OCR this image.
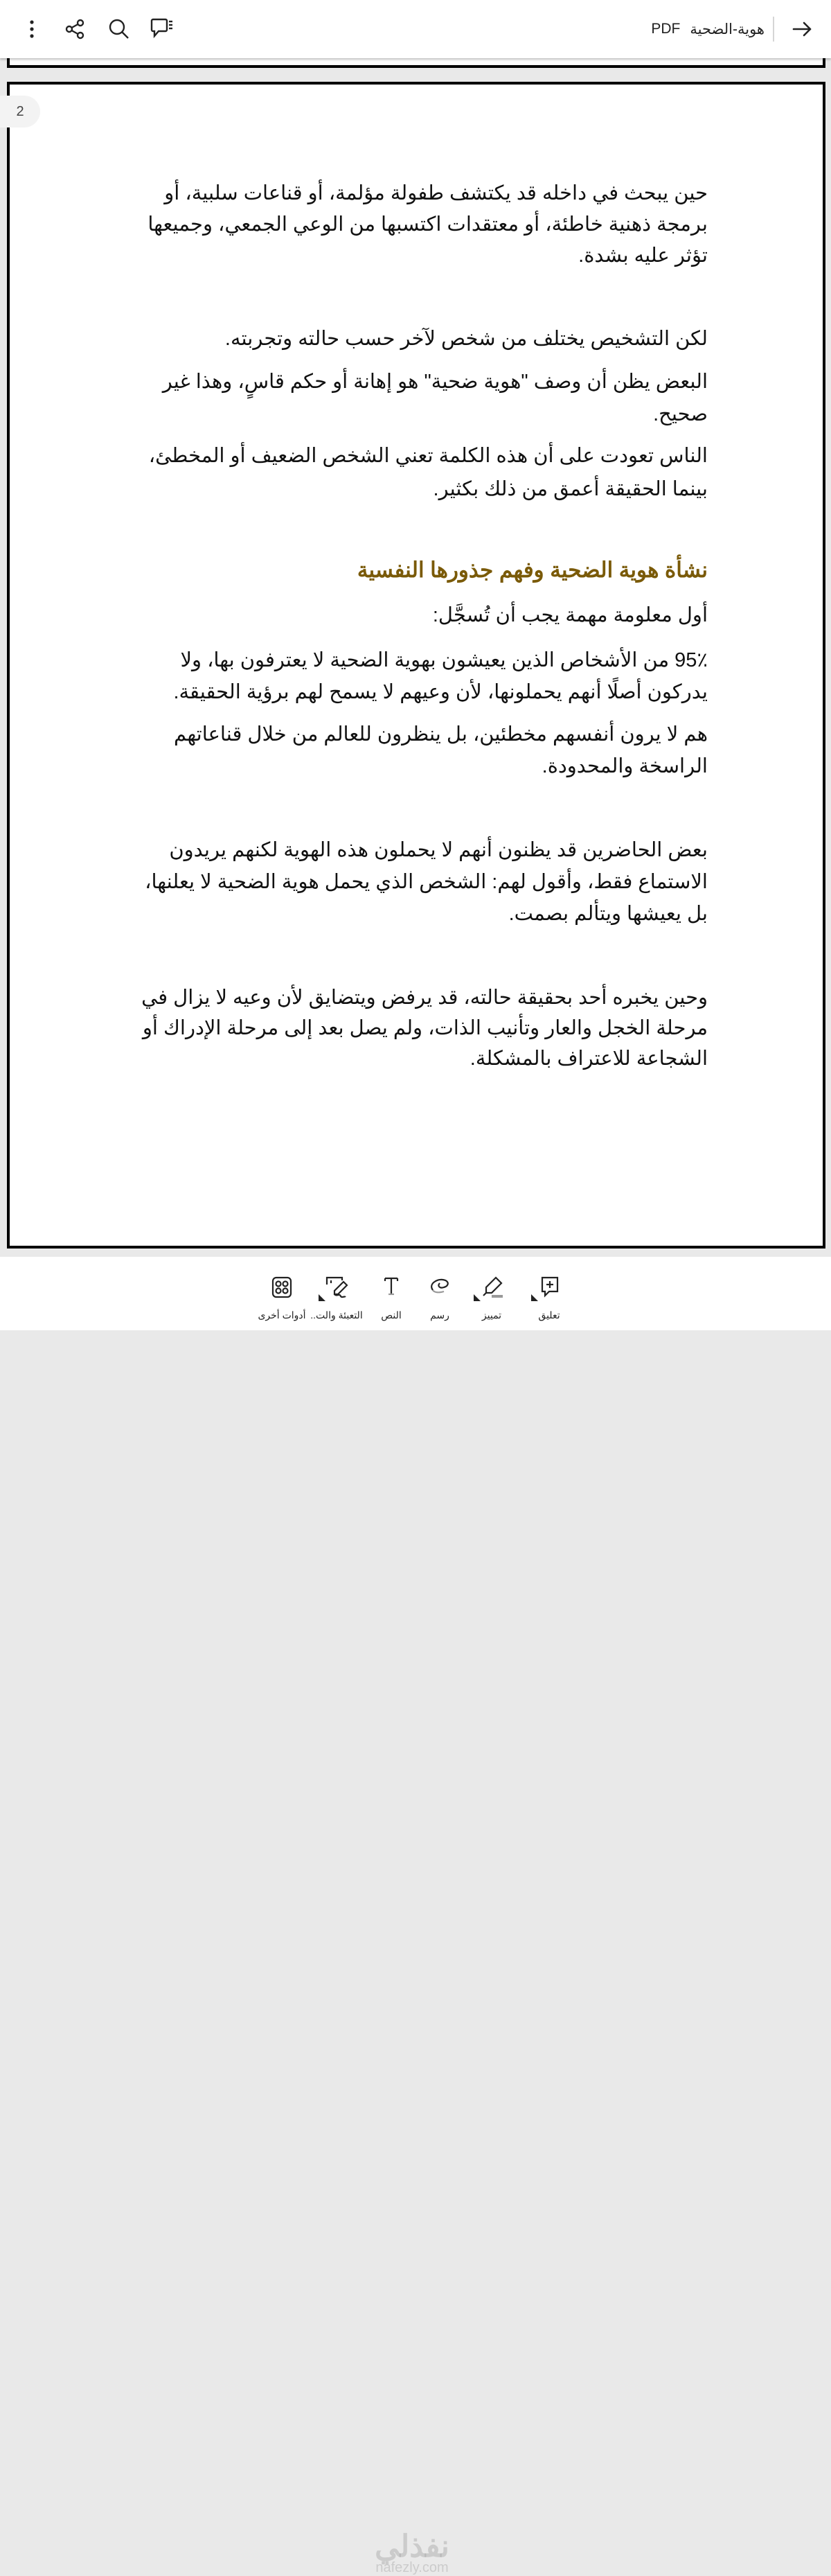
PDF هوية-الضحية
2

حين يبحث في داخله قد يكتشف طفولة مؤلمة، أو قناعات سلبية، أو برمجة ذهنية خاطئة، أو معتقدات اكتسبها من الوعي الجمعي، وجميعها تؤثر عليه بشدة.

لكن التشخيص يختلف من شخص لآخر حسب حالته وتجربته.

البعض يظن أن وصف "هوية ضحية" هو إهانة أو حكم قاسٍ، وهذا غير صحيح.

الناس تعودت على أن هذه الكلمة تعني الشخص الضعيف أو المخطئ، بينما الحقيقة أعمق من ذلك بكثير.

نشأة هوية الضحية وفهم جذورها النفسية

أول معلومة مهمة يجب أن تُسجَّل:

95٪ من الأشخاص الذين يعيشون بهوية الضحية لا يعترفون بها، ولا يدركون أصلًا أنهم يحملونها، لأن وعيهم لا يسمح لهم برؤية الحقيقة.

هم لا يرون أنفسهم مخطئين، بل ينظرون للعالم من خلال قناعاتهم الراسخة والمحدودة.

بعض الحاضرين قد يظنون أنهم لا يحملون هذه الهوية لكنهم يريدون الاستماع فقط، وأقول لهم: الشخص الذي يحمل هوية الضحية لا يعلنها، بل يعيشها ويتألم بصمت.

وحين يخبره أحد بحقيقة حالته، قد يرفض ويتضايق لأن وعيه لا يزال في مرحلة الخجل والعار وتأنيب الذات، ولم يصل بعد إلى مرحلة الإدراك أو الشجاعة للاعتراف بالمشكلة.

نفذلي
nafezly.com
تعليق
تمييز
رسم
النص
التعبئة والت..
أدوات أخرى
